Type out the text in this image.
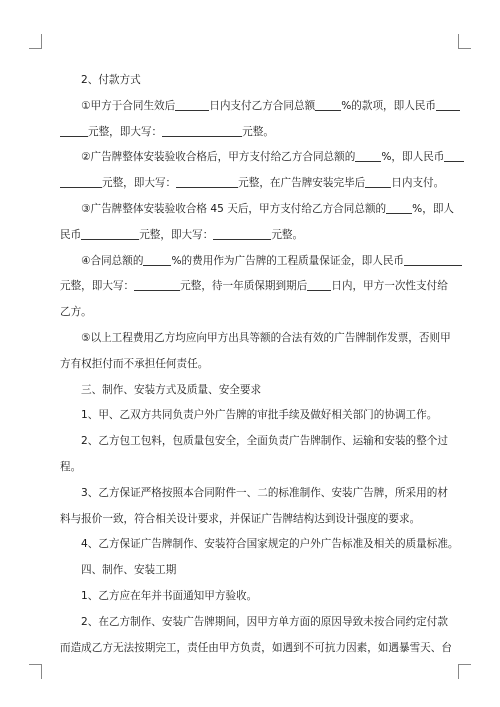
2、付款方式
①甲方于合同生效后	日内支付乙方合同总额 %的款项，即人民币
元整，即大写：	元整。
②广告牌整体安装验收合格后，甲方支付给乙方合同总额的 %，即人民币
元整，即大写：	元整，在广告牌安装完毕后 日内支付。
③广告牌整体安装验收合格 45 天后，甲方支付给乙方合同总额的 %，即人
民币	元整，即大写：	元整。
④合同总额的	%的费用作为广告牌的工程质量保证金，即人民币
元整，即大写：	元整，待一年质保期到期后 日内，甲方一次性支付给
乙方。
⑤以上工程费用乙方均应向甲方出具等额的合法有效的广告牌制作发票，否则甲
方有权拒付而不承担任何责任。
三、制作、安装方式及质量、安全要求
1、甲、乙双方共同负责户外广告牌的审批手续及做好相关部门的协调工作。
2、乙方包工包料，包质量包安全，全面负责广告牌制作、运输和安装的整个过
程。
3、乙方保证严格按照本合同附件一、二的标准制作、安装广告牌，所采用的材
料与报价一致，符合相关设计要求，并保证广告牌结构达到设计强度的要求。
4、乙方保证广告牌制作、安装符合国家规定的户外广告标准及相关的质量标准。
四、制作、安装工期
1、乙方应在年并书面通知甲方验收。
2、在乙方制作、安装广告牌期间，因甲方单方面的原因导致未按合同约定付款
而造成乙方无法按期完工，责任由甲方负责，如遇到不可抗力因素，如遇暴雪天、台
